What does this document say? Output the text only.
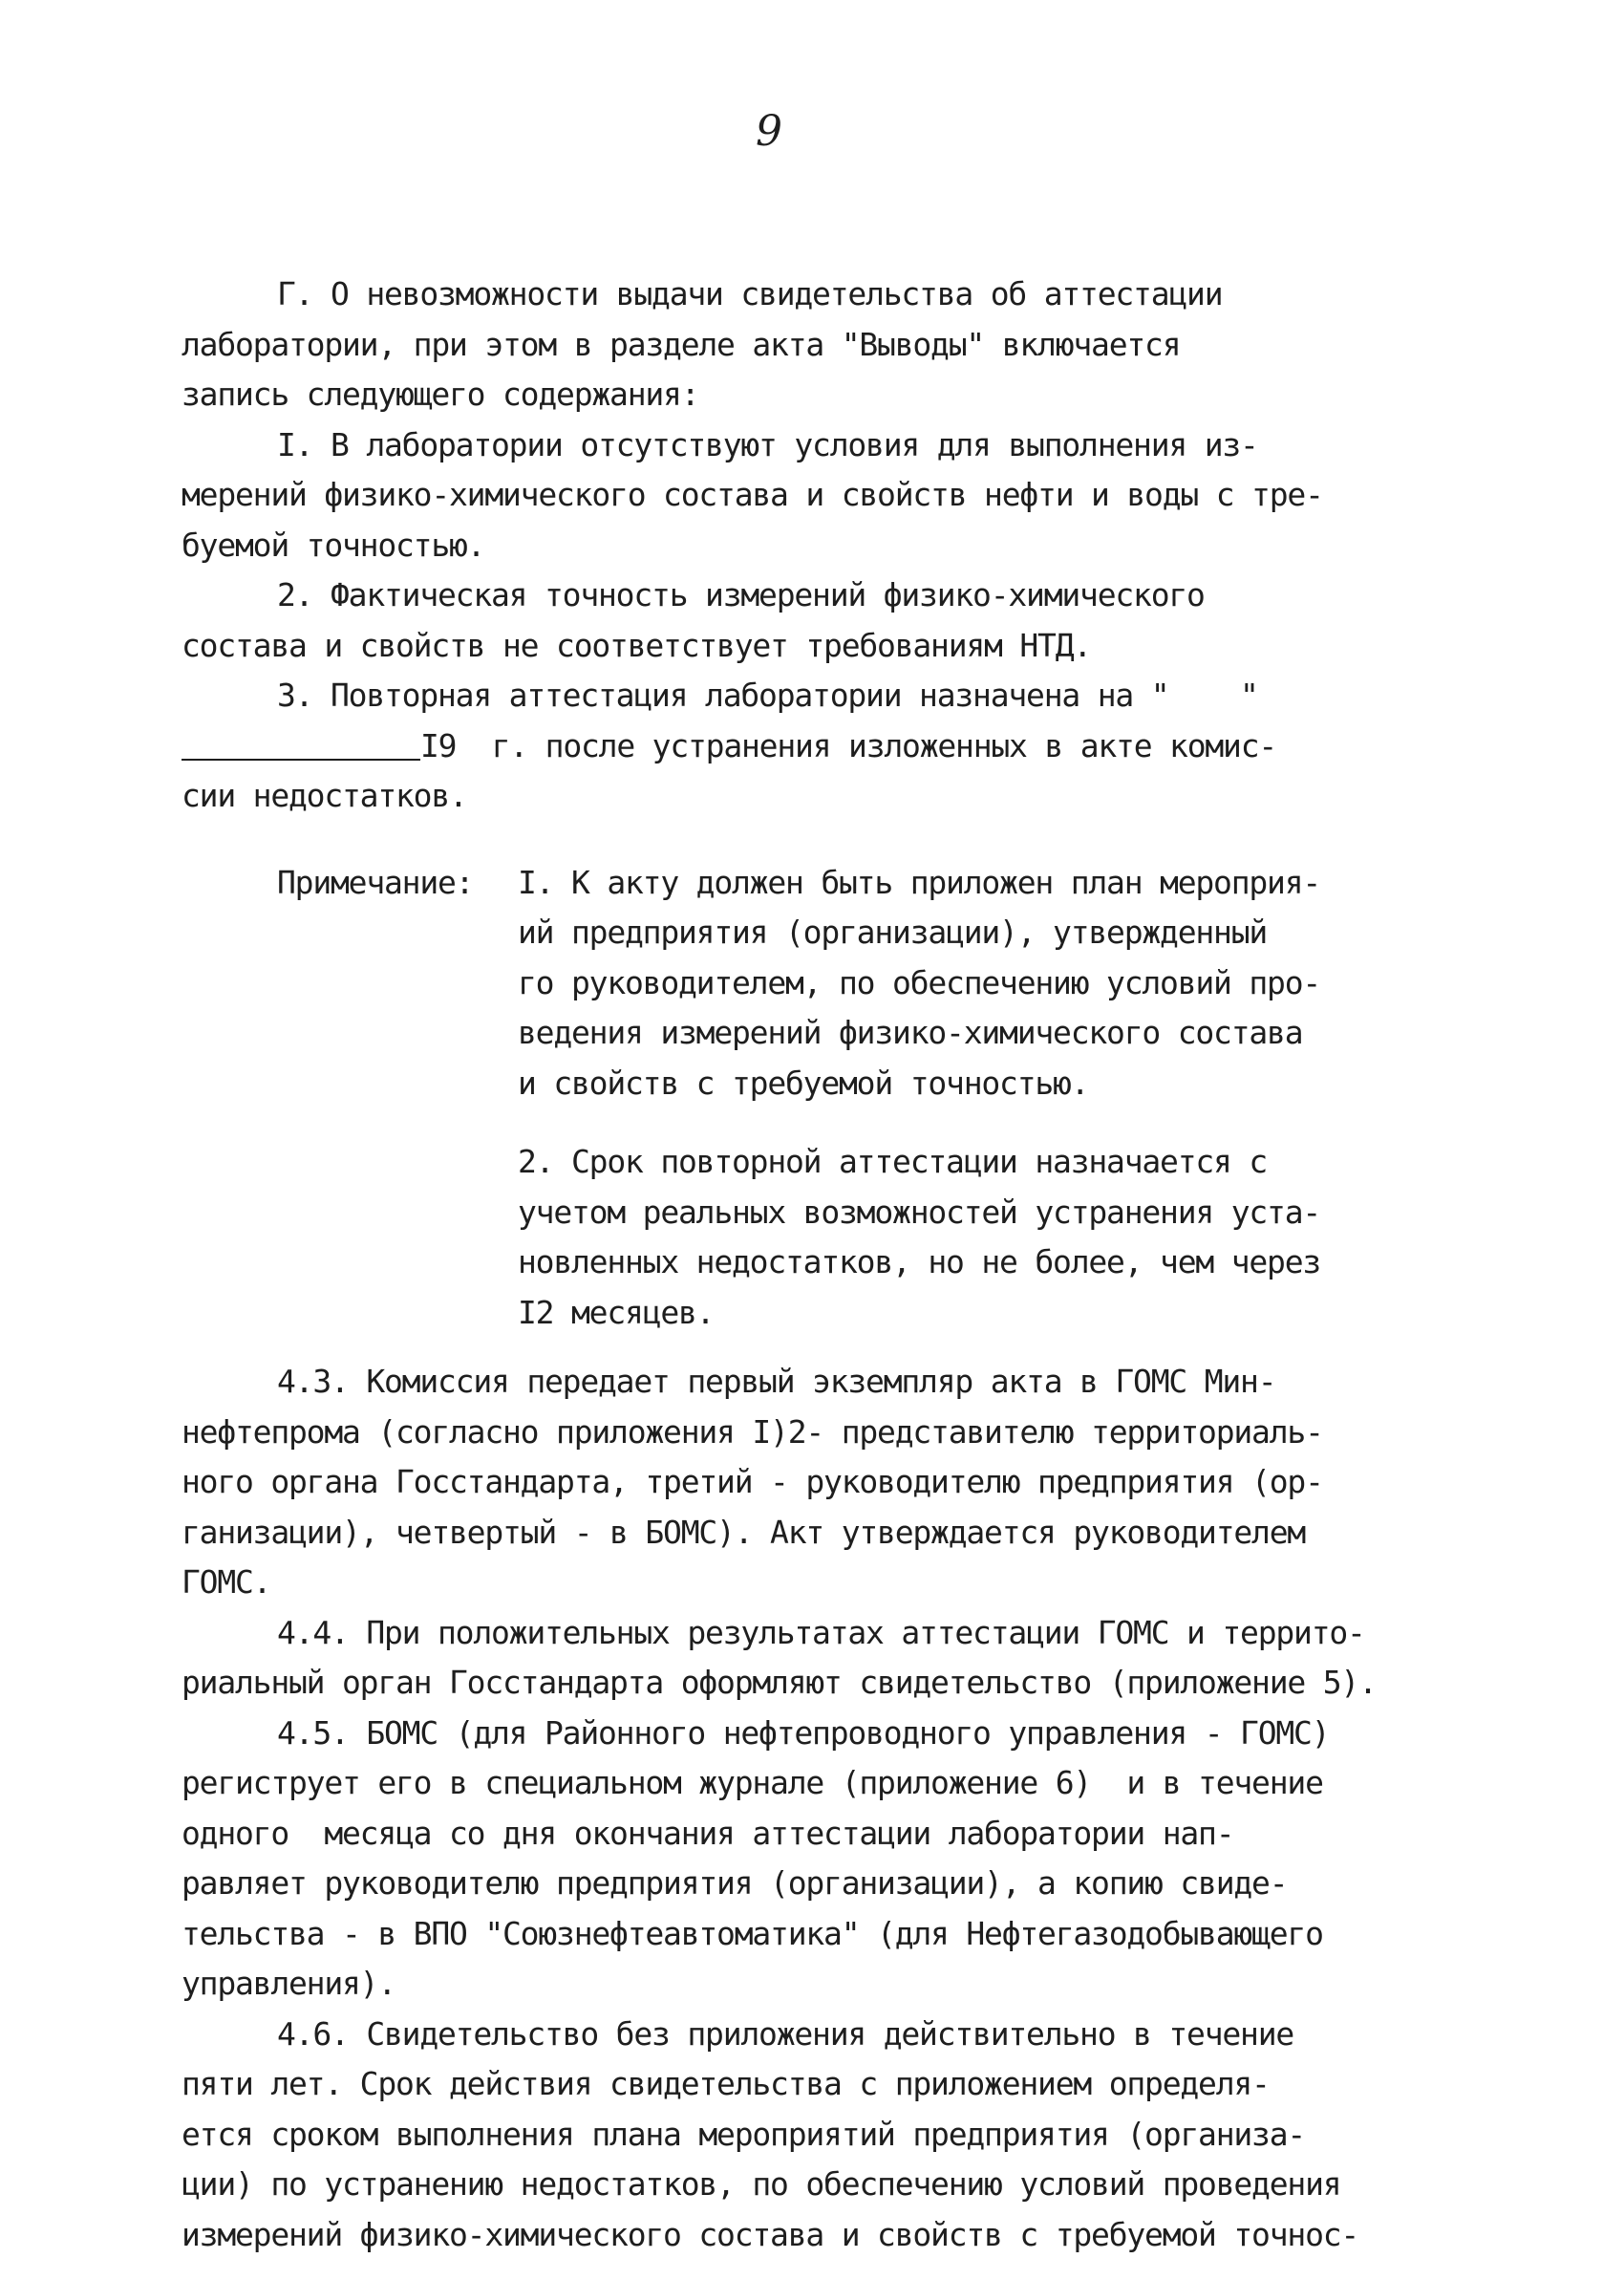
9
Г. О невозможности выдачи свидетельства об аттестации
лаборатории, при этом в разделе акта "Выводы" включается
запись следующего содержания:
I. В лаборатории отсутствуют условия для выполнения из-
мерений физико-химического состава и свойств нефти и воды с тре-
буемой точностью.
2. Фактическая точность измерений физико-химического
состава и свойств не соответствует требованиям НТД.
3. Повторная аттестация лаборатории назначена на "    "
I9  г. после устранения изложенных в акте комис-
сии недостатков.
Примечание:	I. К акту должен быть приложен план мероприя-
ий предприятия (организации), утвержденный
го руководителем, по обеспечению условий про-
ведения измерений физико-химического состава
и свойств с требуемой точностью.
2. Срок повторной аттестации назначается с
учетом реальных возможностей устранения уста-
новленных недостатков, но не более, чем через
I2 месяцев.
4.3. Комиссия передает первый экземпляр акта в ГОМС Мин-
нефтепрома (согласно приложения I)2- представителю территориаль-
ного органа Госстандарта, третий - руководителю предприятия (ор-
ганизации), четвертый - в БОМС). Акт утверждается руководителем
ГОМС.
4.4. При положительных результатах аттестации ГОМС и террито-
риальный орган Госстандарта оформляют свидетельство (приложение 5).
4.5. БОМС (для Районного нефтепроводного управления - ГОМС)
региструет его в специальном журнале (приложение 6)  и в течение
одного  месяца со дня окончания аттестации лаборатории нап-
равляет руководителю предприятия (организации), а копию свиде-
тельства - в ВПО "Союзнефтеавтоматика" (для Нефтегазодобывающего
управления).
4.6. Свидетельство без приложения действительно в течение
пяти лет. Срок действия свидетельства с приложением определя-
ется сроком выполнения плана мероприятий предприятия (организа-
ции) по устранению недостатков, по обеспечению условий проведения
измерений физико-химического состава и свойств с требуемой точнос-
